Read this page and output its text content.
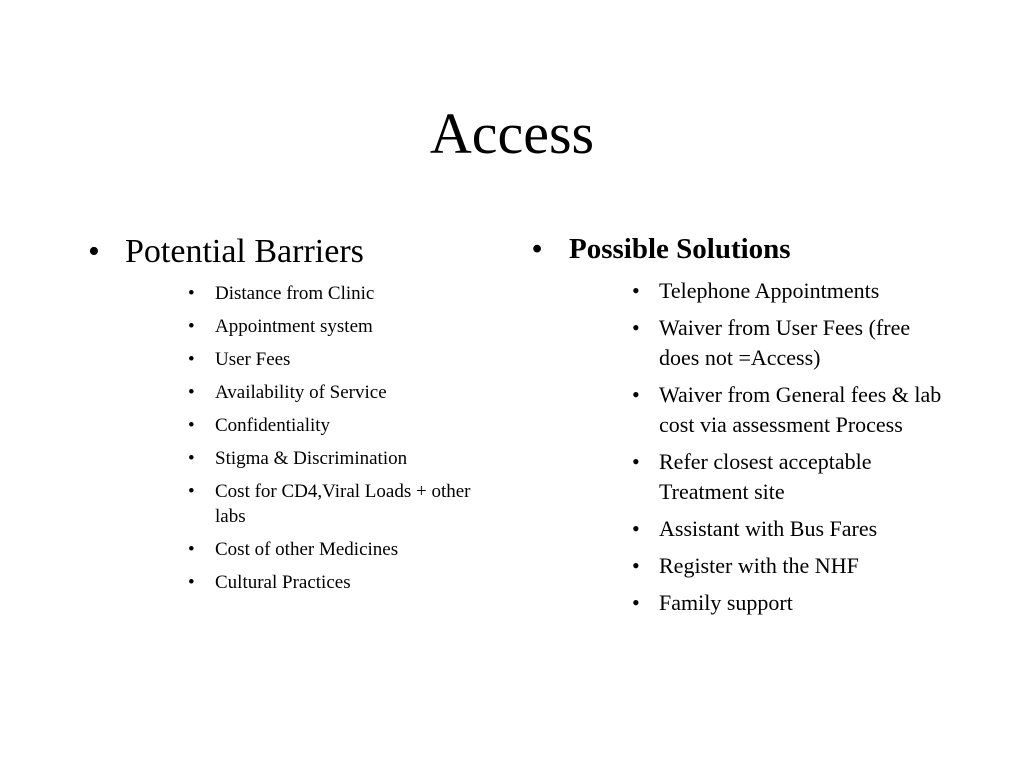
Access

• Potential Barriers

• Distance from Clinic
• Appointment system
• User Fees
• Availability of Service
• Confidentiality
• Stigma & Discrimination
• Cost for CD4,Viral Loads + other labs
• Cost of other Medicines
• Cultural Practices

• Possible Solutions

• Telephone Appointments
• Waiver from User Fees (free does not =Access)
• Waiver from General fees & lab cost via assessment Process
• Refer closest acceptable Treatment site
• Assistant with Bus Fares
• Register with the NHF
• Family support
